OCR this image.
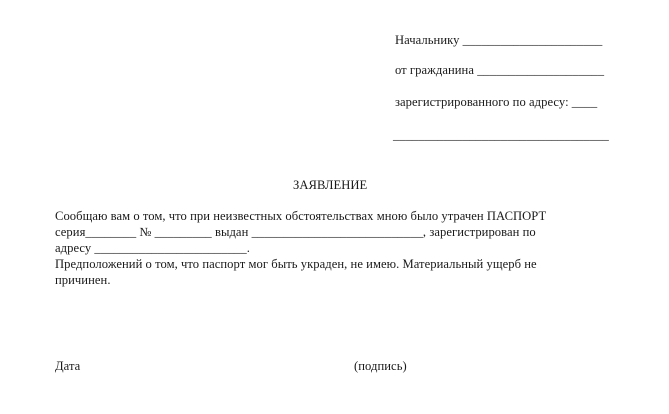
Начальнику ______________________
от гражданина ____________________
зарегистрированного по адресу: ____
__________________________________
ЗАЯВЛЕНИЕ
Сообщаю вам о том, что при неизвестных обстоятельствах мною было утрачен ПАСПОРТ
серия________ № _________ выдан ___________________________, зарегистрирован по
адресу ________________________.
Предположений о том, что паспорт мог быть украден, не имею. Материальный ущерб не
причинен.
Дата	(подпись)
